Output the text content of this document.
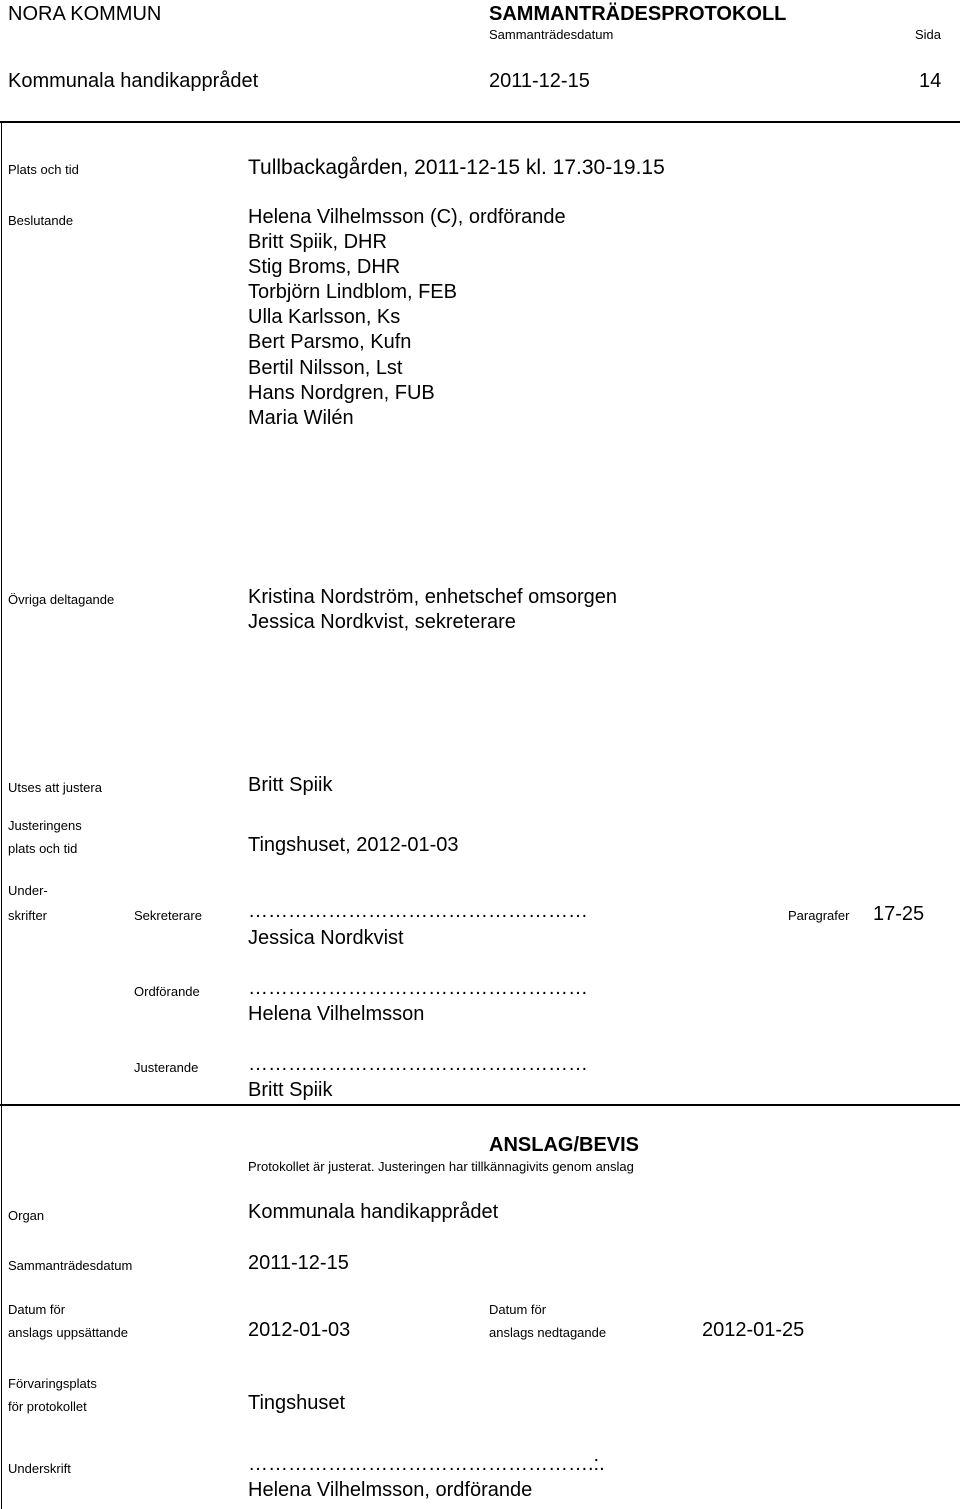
NORA KOMMUN	SAMMANTRÄDESPROTOKOLL
Sammanträdesdatum	Sida
Kommunala handikapprådet	2011-12-15	14
Plats och tid	Tullbackagården, 2011-12-15 kl. 17.30-19.15
Beslutande	Helena Vilhelmsson (C), ordförande
Britt Spiik, DHR
Stig Broms, DHR
Torbjörn Lindblom, FEB
Ulla Karlsson, Ks
Bert Parsmo, Kufn
Bertil Nilsson, Lst
Hans Nordgren, FUB
Maria Wilén
Övriga deltagande	Kristina Nordström, enhetschef omsorgen
Jessica Nordkvist, sekreterare
Utses att justera	Britt Spiik
Justeringens
plats och tid	Tingshuset, 2012-01-03
Under-
skrifter	Sekreterare ……………………………………………	Paragrafer 17-25
Jessica Nordkvist
Ordförande ……………………………………………
Helena Vilhelmsson
Justerande ……………………………………………
Britt Spiik
ANSLAG/BEVIS
Protokollet är justerat. Justeringen har tillkännagivits genom anslag
Organ	Kommunala handikapprådet
Sammanträdesdatum	2011-12-15
Datum för
anslags uppsättande	2012-01-03
Datum för
anslags nedtagande	2012-01-25
Förvaringsplats
för protokollet	Tingshuset
Underskrift	…………………………………………….:.
Helena Vilhelmsson, ordförande
